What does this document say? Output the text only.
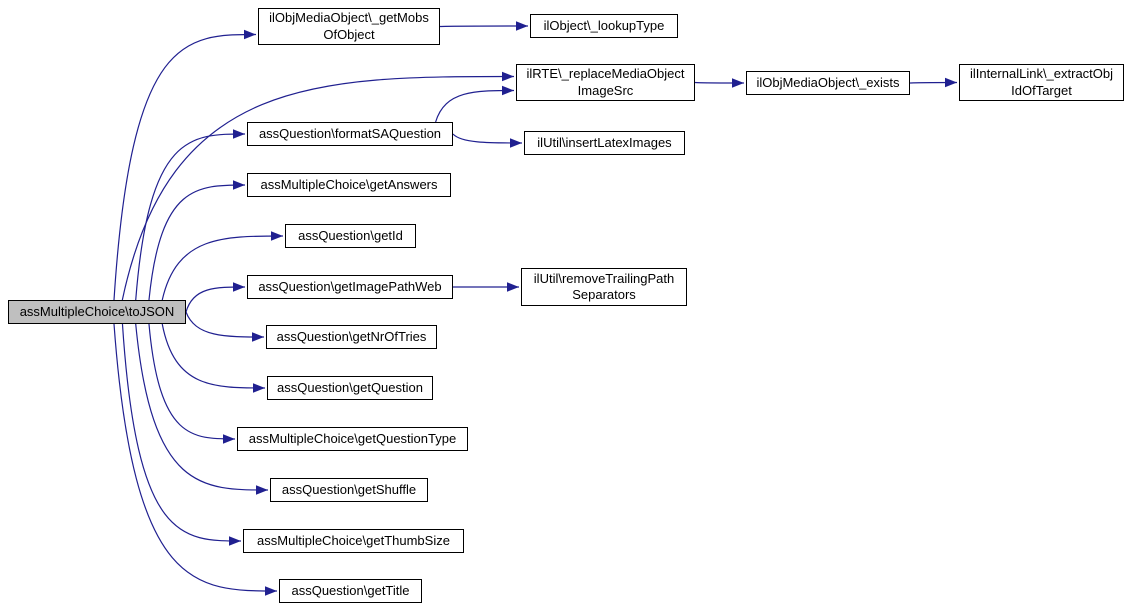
assMultipleChoice\toJSON
ilObjMediaObject\_getMobs
OfObject
ilObject\_lookupType
ilRTE\_replaceMediaObject
ImageSrc
ilObjMediaObject\_exists
ilInternalLink\_extractObj
IdOfTarget
assQuestion\formatSAQuestion
ilUtil\insertLatexImages
assMultipleChoice\getAnswers
assQuestion\getId
assQuestion\getImagePathWeb
ilUtil\removeTrailingPath
Separators
assQuestion\getNrOfTries
assQuestion\getQuestion
assMultipleChoice\getQuestionType
assQuestion\getShuffle
assMultipleChoice\getThumbSize
assQuestion\getTitle
